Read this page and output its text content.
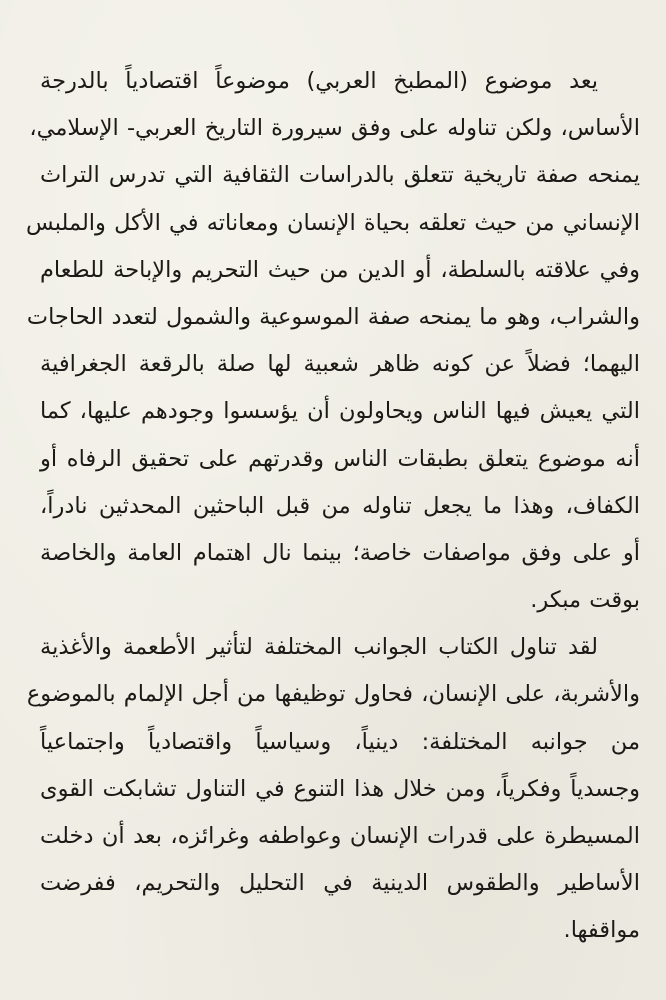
يعد موضوع (المطبخ العربي) موضوعاً اقتصادياً بالدرجة
الأساس، ولكن تناوله على وفق سيرورة التاريخ العربي- الإسلامي،
يمنحه صفة تاريخية تتعلق بالدراسات الثقافية التي تدرس التراث
الإنساني من حيث تعلقه بحياة الإنسان ومعاناته في الأكل والملبس
وفي علاقته بالسلطة، أو الدين من حيث التحريم والإباحة للطعام
والشراب، وهو ما يمنحه صفة الموسوعية والشمول لتعدد الحاجات
اليهما؛ فضلاً عن كونه ظاهر شعبية لها صلة بالرقعة الجغرافية
التي يعيش فيها الناس ويحاولون أن يؤسسوا وجودهم عليها، كما
أنه موضوع يتعلق بطبقات الناس وقدرتهم على تحقيق الرفاه أو
الكفاف، وهذا ما يجعل تناوله من قبل الباحثين المحدثين نادراً،
أو على وفق مواصفات خاصة؛ بينما نال اهتمام العامة والخاصة
بوقت مبكر.
لقد تناول الكتاب الجوانب المختلفة لتأثير الأطعمة والأغذية
والأشربة، على الإنسان، فحاول توظيفها من أجل الإلمام بالموضوع
من جوانبه المختلفة: دينياً، وسياسياً واقتصادياً واجتماعياً
وجسدياً وفكرياً، ومن خلال هذا التنوع في التناول تشابكت القوى
المسيطرة على قدرات الإنسان وعواطفه وغرائزه، بعد أن دخلت
الأساطير والطقوس الدينية في التحليل والتحريم، ففرضت
مواقفها.
